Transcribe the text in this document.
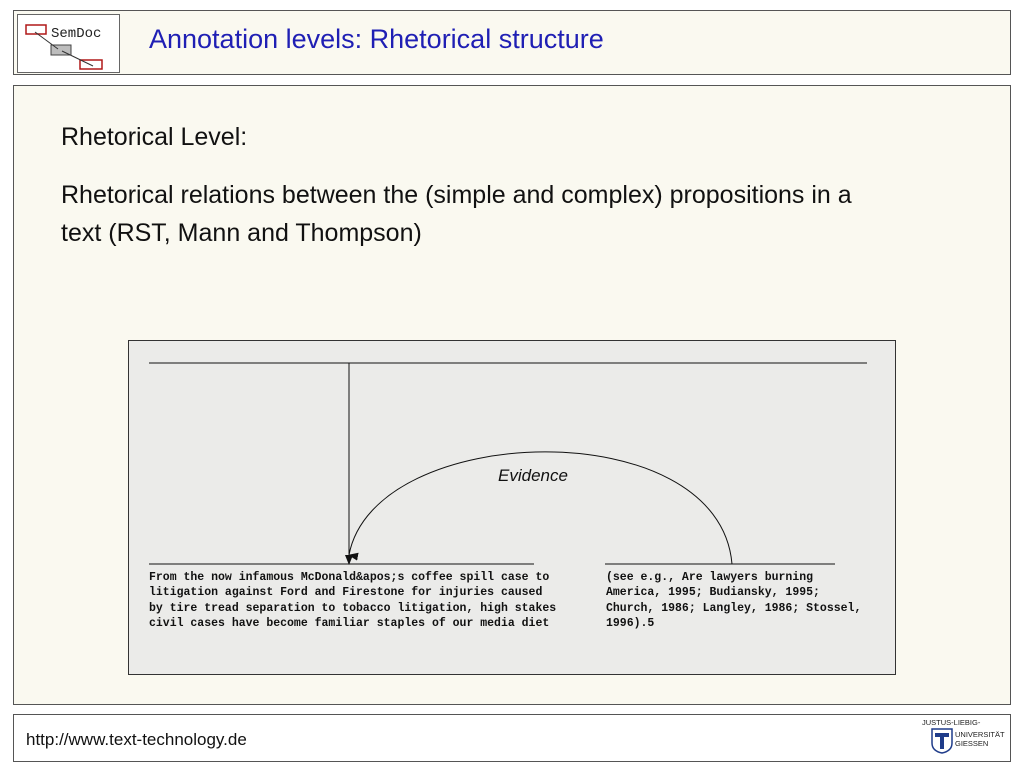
SemDoc Annotation levels: Rhetorical structure
Rhetorical Level:
Rhetorical relations between the (simple and complex) propositions in a text (RST, Mann and Thompson)
Evidence
From the now infamous McDonald&apos;s coffee spill case to litigation against Ford and Firestone for injuries caused by tire tread separation to tobacco litigation, high stakes civil cases have become familiar staples of our media diet
(see e.g., Are lawyers burning America, 1995; Budiansky, 1995; Church, 1986; Langley, 1986; Stossel, 1996).5
http://www.text-technology.de
JUSTUS-LIEBIG-
UNIVERSITÄT
GIESSEN
